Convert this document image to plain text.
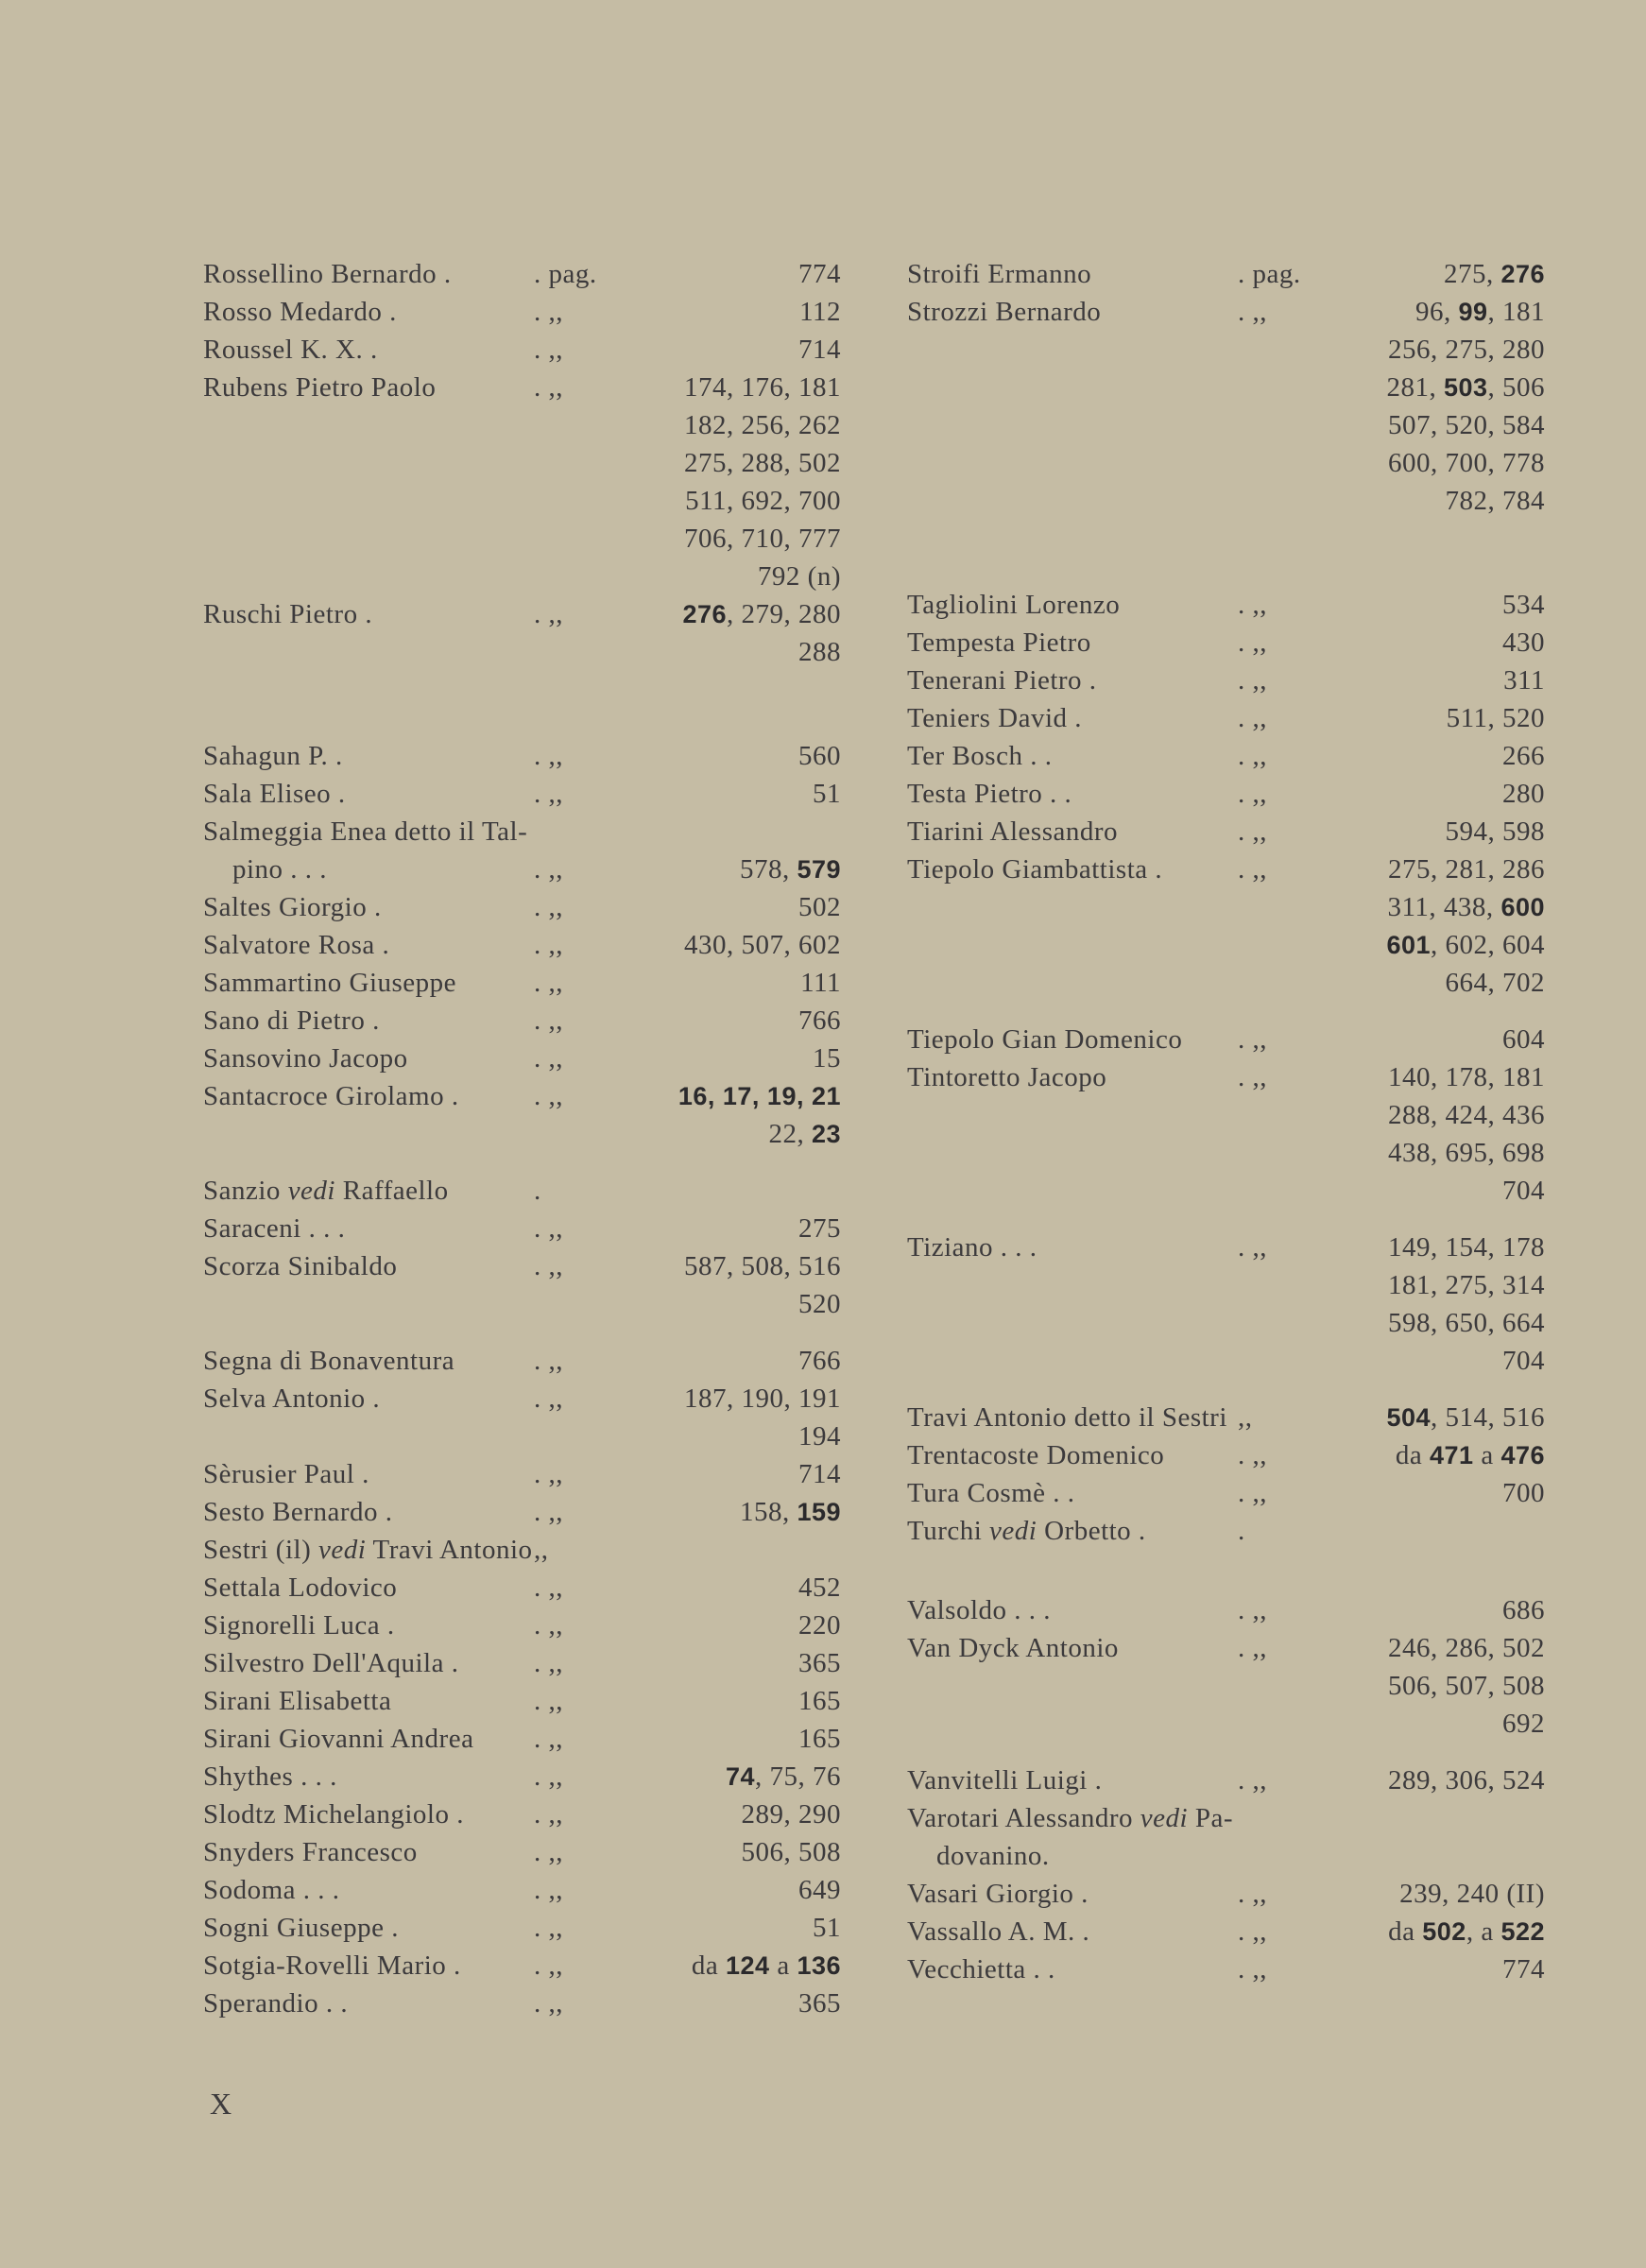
Rossellino Bernardo .	. pag.	774
Rosso Medardo .	. ,,	112
Roussel K. X. .	. ,,	714
Rubens Pietro Paolo	. ,,	174, 176, 181
182, 256, 262
275, 288, 502
511, 692, 700
706, 710, 777
792 (n)
Ruschi Pietro .	. ,,	276, 279, 280
288
Sahagun P. .	. ,,	560
Sala Eliseo .	. ,,	51
Salmeggia Enea detto il Tal-
pino . . .	. ,,	578, 579
Saltes Giorgio .	. ,,	502
Salvatore Rosa .	. ,,	430, 507, 602
Sammartino Giuseppe	. ,,	111
Sano di Pietro .	. ,,	766
Sansovino Jacopo	. ,,	15
Santacroce Girolamo .	. ,,	16, 17, 19, 21
22, 23
Sanzio vedi Raffaello	.
Saraceni . . .	. ,,	275
Scorza Sinibaldo	. ,,	587, 508, 516
520
Segna di Bonaventura	. ,,	766
Selva Antonio .	. ,,	187, 190, 191
194
Sèrusier Paul .	. ,,	714
Sesto Bernardo .	. ,,	158, 159
Sestri (il) vedi Travi Antonio ,,
Settala Lodovico	. ,,	452
Signorelli Luca .	. ,,	220
Silvestro Dell'Aquila .	. ,,	365
Sirani Elisabetta	. ,,	165
Sirani Giovanni Andrea	. ,,	165
Shythes . . .	. ,,	74, 75, 76
Slodtz Michelangiolo .	. ,,	289, 290
Snyders Francesco	. ,,	506, 508
Sodoma . . .	. ,,	649
Sogni Giuseppe .	. ,,	51
Sotgia-Rovelli Mario .	. ,,	da 124 a 136
Sperandio . .	. ,,	365
Stroifi Ermanno	. pag.	275, 276
Strozzi Bernardo	. ,,	96, 99, 181
256, 275, 280
281, 503, 506
507, 520, 584
600, 700, 778
782, 784
Tagliolini Lorenzo	. ,,	534
Tempesta Pietro	. ,,	430
Tenerani Pietro .	. ,,	311
Teniers David .	. ,,	511, 520
Ter Bosch . .	. ,,	266
Testa Pietro . .	. ,,	280
Tiarini Alessandro	. ,,	594, 598
Tiepolo Giambattista .	. ,,	275, 281, 286
311, 438, 600
601, 602, 604
664, 702
Tiepolo Gian Domenico	. ,,	604
Tintoretto Jacopo	. ,,	140, 178, 181
288, 424, 436
438, 695, 698
704
Tiziano . . .	. ,,	149, 154, 178
181, 275, 314
598, 650, 664
704
Travi Antonio detto il Sestri ,,	504, 514, 516
Trentacoste Domenico	. ,,	da 471 a 476
Tura Cosmè . .	. ,,	700
Turchi vedi Orbetto .	.
Valsoldo . . .	. ,,	686
Van Dyck Antonio	. ,,	246, 286, 502
506, 507, 508
692
Vanvitelli Luigi .	. ,,	289, 306, 524
Varotari Alessandro vedi Pa-
dovanino.
Vasari Giorgio .	. ,,	239, 240 (II)
Vassallo A. M. .	. ,,	da 502, a 522
Vecchietta . .	. ,,	774
X
